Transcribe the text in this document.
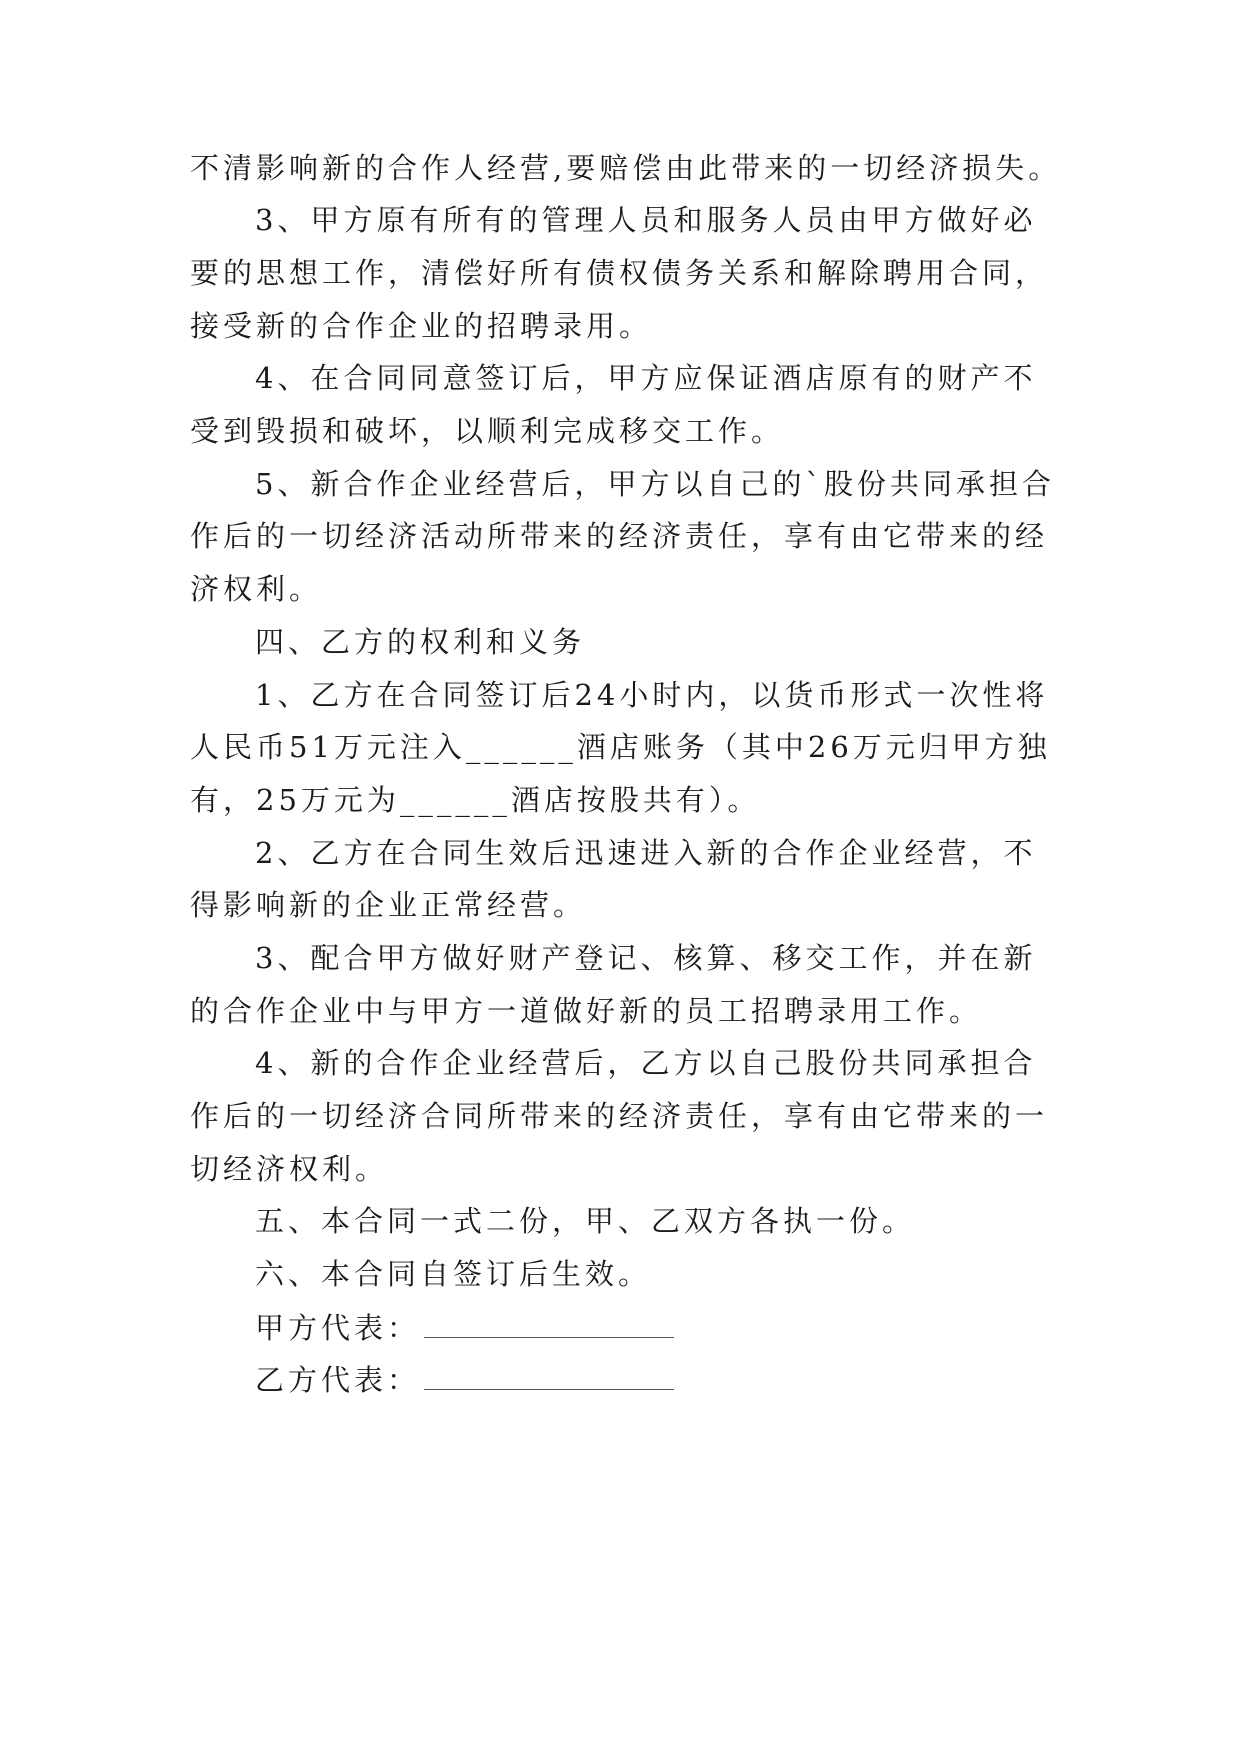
不清影响新的合作人经营,要赔偿由此带来的一切经济损失。
3、甲方原有所有的管理人员和服务人员由甲方做好必
要的思想工作，清偿好所有债权债务关系和解除聘用合同，
接受新的合作企业的招聘录用。
4、在合同同意签订后，甲方应保证酒店原有的财产不
受到毁损和破坏，以顺利完成移交工作。
5、新合作企业经营后，甲方以自己的`股份共同承担合
作后的一切经济活动所带来的经济责任，享有由它带来的经
济权利。
四、乙方的权利和义务
1、乙方在合同签订后24小时内，以货币形式一次性将
人民币51万元注入______酒店账务（其中26万元归甲方独
有，25万元为______酒店按股共有）。
2、乙方在合同生效后迅速进入新的合作企业经营，不
得影响新的企业正常经营。
3、配合甲方做好财产登记、核算、移交工作，并在新
的合作企业中与甲方一道做好新的员工招聘录用工作。
4、新的合作企业经营后，乙方以自己股份共同承担合
作后的一切经济合同所带来的经济责任，享有由它带来的一
切经济权利。
五、本合同一式二份，甲、乙双方各执一份。
六、本合同自签订后生效。
甲方代表：
乙方代表：
